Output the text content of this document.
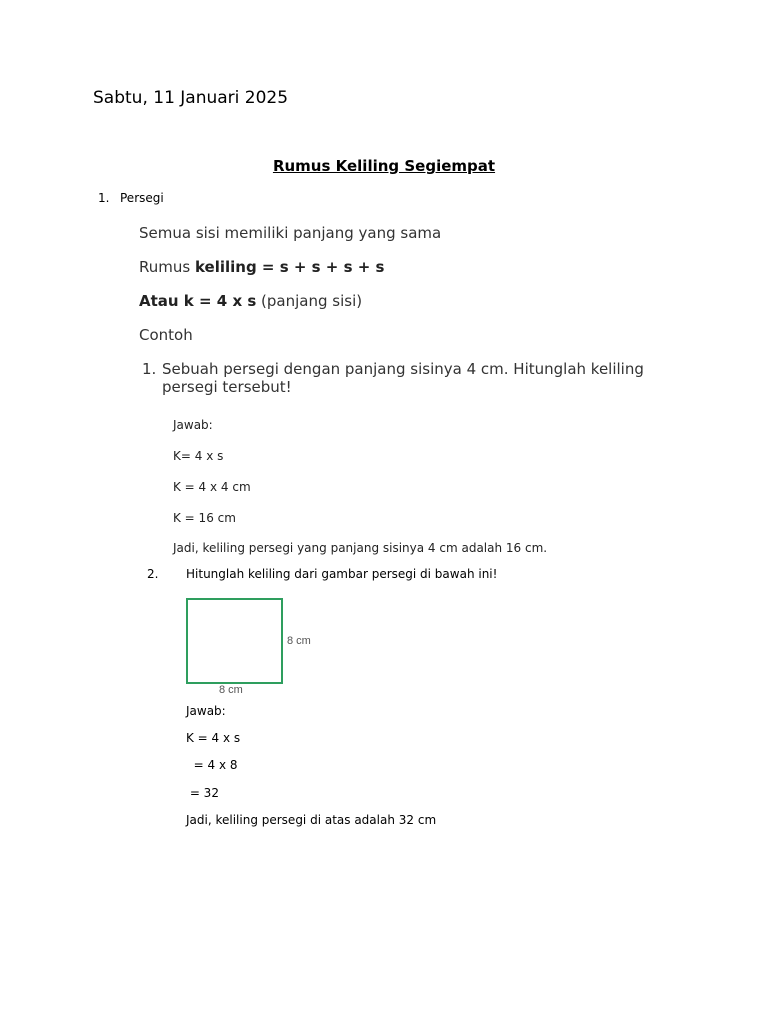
Sabtu, 11 Januari 2025
Rumus Keliling Segiempat
1. Persegi
Semua sisi memiliki panjang yang sama
Rumus keliling = s + s + s + s
Atau k = 4 x s (panjang sisi)
Contoh
1. Sebuah persegi dengan panjang sisinya 4 cm. Hitunglah keliling persegi tersebut!
Jawab:
K= 4 x s
K = 4 x 4 cm
K = 16 cm
Jadi, keliling persegi yang panjang sisinya 4 cm adalah 16 cm.
2. Hitunglah keliling dari gambar persegi di bawah ini!
8 cm
8 cm
Jawab:
K = 4 x s
= 4 x 8
= 32
Jadi, keliling persegi di atas adalah 32 cm
